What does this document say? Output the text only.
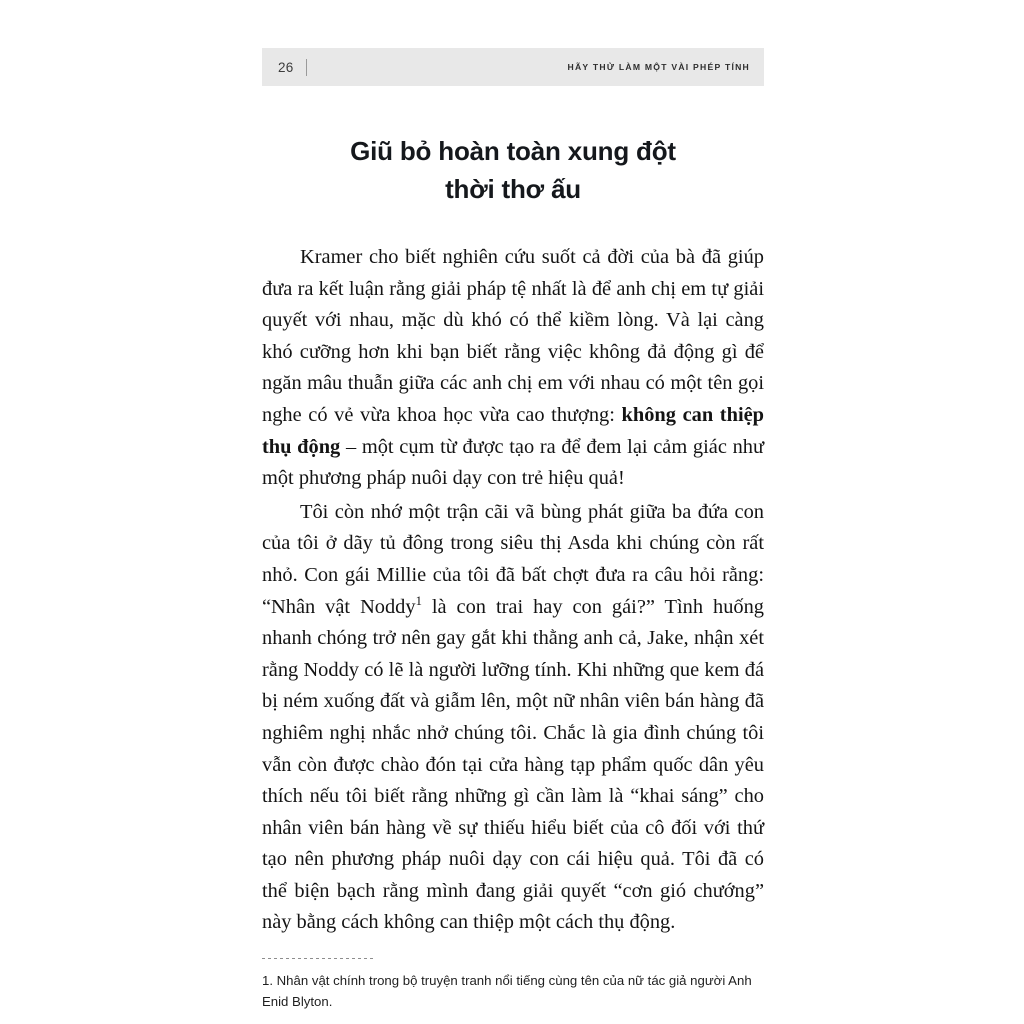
26	HÃY THỬ LÀM MỘT VÀI PHÉP TÍNH
Giũ bỏ hoàn toàn xung đột
thời thơ ấu

Kramer cho biết nghiên cứu suốt cả đời của bà đã giúp đưa ra kết luận rằng giải pháp tệ nhất là để anh chị em tự giải quyết với nhau, mặc dù khó có thể kiềm lòng. Và lại càng khó cưỡng hơn khi bạn biết rằng việc không đả động gì để ngăn mâu thuẫn giữa các anh chị em với nhau có một tên gọi nghe có vẻ vừa khoa học vừa cao thượng: không can thiệp thụ động – một cụm từ được tạo ra để đem lại cảm giác như một phương pháp nuôi dạy con trẻ hiệu quả!

Tôi còn nhớ một trận cãi vã bùng phát giữa ba đứa con của tôi ở dãy tủ đông trong siêu thị Asda khi chúng còn rất nhỏ. Con gái Millie của tôi đã bất chợt đưa ra câu hỏi rằng: “Nhân vật Noddy$^1$ là con trai hay con gái?” Tình huống nhanh chóng trở nên gay gắt khi thằng anh cả, Jake, nhận xét rằng Noddy có lẽ là người lưỡng tính. Khi những que kem đá bị ném xuống đất và giẫm lên, một nữ nhân viên bán hàng đã nghiêm nghị nhắc nhở chúng tôi. Chắc là gia đình chúng tôi vẫn còn được chào đón tại cửa hàng tạp phẩm quốc dân yêu thích nếu tôi biết rằng những gì cần làm là “khai sáng” cho nhân viên bán hàng về sự thiếu hiểu biết của cô đối với thứ tạo nên phương pháp nuôi dạy con cái hiệu quả. Tôi đã có thể biện bạch rằng mình đang giải quyết “cơn gió chướng” này bằng cách không can thiệp một cách thụ động.

1. Nhân vật chính trong bộ truyện tranh nổi tiếng cùng tên của nữ tác giả người Anh Enid Blyton.
